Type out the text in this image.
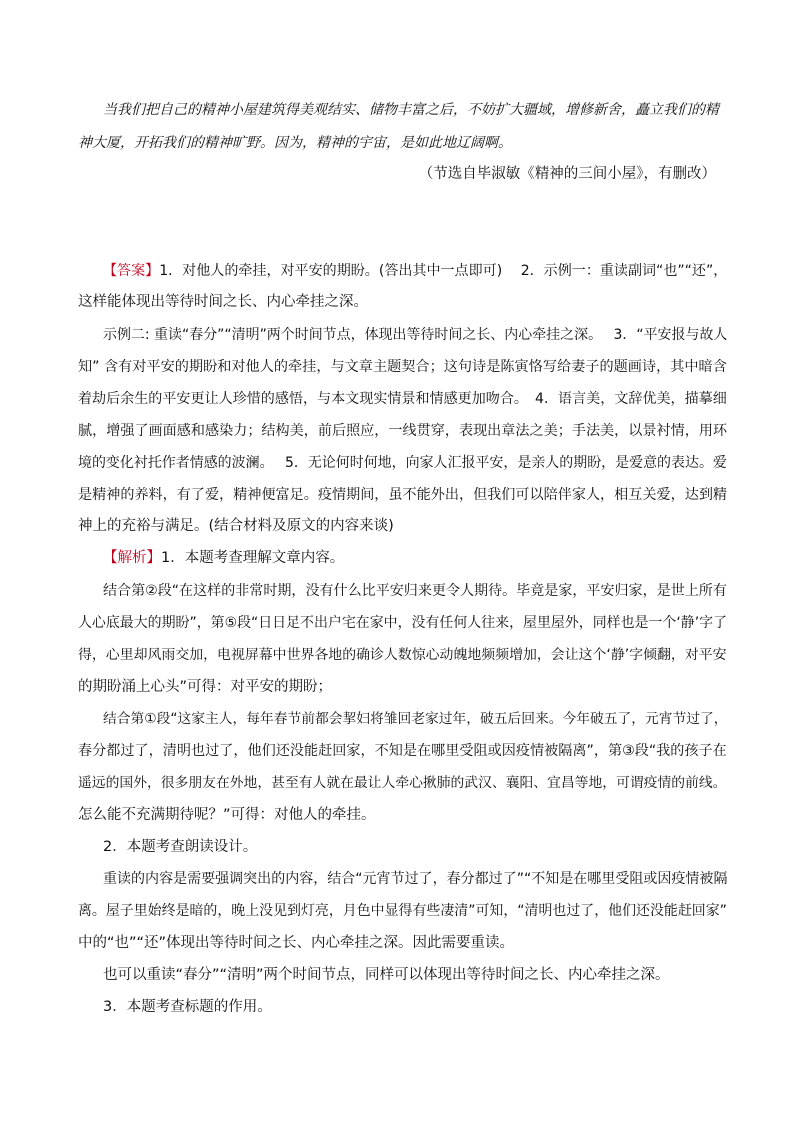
当我们把自己的精神小屋建筑得美观结实、储物丰富之后，不妨扩大疆域，增修新舍，矗立我们的精
神大厦，开拓我们的精神旷野。因为，精神的宇宙，是如此地辽阔啊。
（节选自毕淑敏《精神的三间小屋》，有删改）
【答案】1．对他人的牵挂，对平安的期盼。(答出其中一点即可)　 2．示例一：重读副词“也”“还”，
这样能体现出等待时间之长、内心牵挂之深。
示例二: 重读“春分”“清明”两个时间节点，体现出等待时间之长、内心牵挂之深。　 3．“平安报与故人
知” 含有对平安的期盼和对他人的牵挂，与文章主题契合；这句诗是陈寅恪写给妻子的题画诗，其中暗含
着劫后余生的平安更让人珍惜的感悟，与本文现实情景和情感更加吻合。　4．语言美，文辞优美，描摹细
腻，增强了画面感和感染力；结构美，前后照应，一线贯穿，表现出章法之美；手法美，以景衬情，用环
境的变化衬托作者情感的波澜。　 5．无论何时何地，向家人汇报平安，是亲人的期盼，是爱意的表达。爱
是精神的养料，有了爱，精神便富足。疫情期间，虽不能外出，但我们可以陪伴家人，相互关爱，达到精
神上的充裕与满足。(结合材料及原文的内容来谈)
【解析】1．本题考查理解文章内容。
结合第②段“在这样的非常时期，没有什么比平安归来更令人期待。毕竟是家，平安归家，是世上所有
人心底最大的期盼”，第⑤段“日日足不出户宅在家中，没有任何人往来，屋里屋外，同样也是一个‘静’字了
得，心里却风雨交加，电视屏幕中世界各地的确诊人数惊心动魄地频频增加，会让这个‘静’字倾翻，对平安
的期盼涌上心头”可得：对平安的期盼；
结合第①段“这家主人，每年春节前都会挈妇将雏回老家过年，破五后回来。今年破五了，元宵节过了，
春分都过了，清明也过了，他们还没能赶回家，不知是在哪里受阻或因疫情被隔离”，第③段“我的孩子在
遥远的国外，很多朋友在外地，甚至有人就在最让人牵心揪肺的武汉、襄阳、宜昌等地，可谓疫情的前线。
怎么能不充满期待呢？”可得：对他人的牵挂。
2．本题考查朗读设计。
重读的内容是需要强调突出的内容，结合“元宵节过了，春分都过了”“不知是在哪里受阻或因疫情被隔
离。屋子里始终是暗的，晚上没见到灯亮，月色中显得有些凄清”可知，“清明也过了，他们还没能赶回家”
中的“也”“还”体现出等待时间之长、内心牵挂之深。因此需要重读。
也可以重读“春分”“清明”两个时间节点，同样可以体现出等待时间之长、内心牵挂之深。
3．本题考查标题的作用。
